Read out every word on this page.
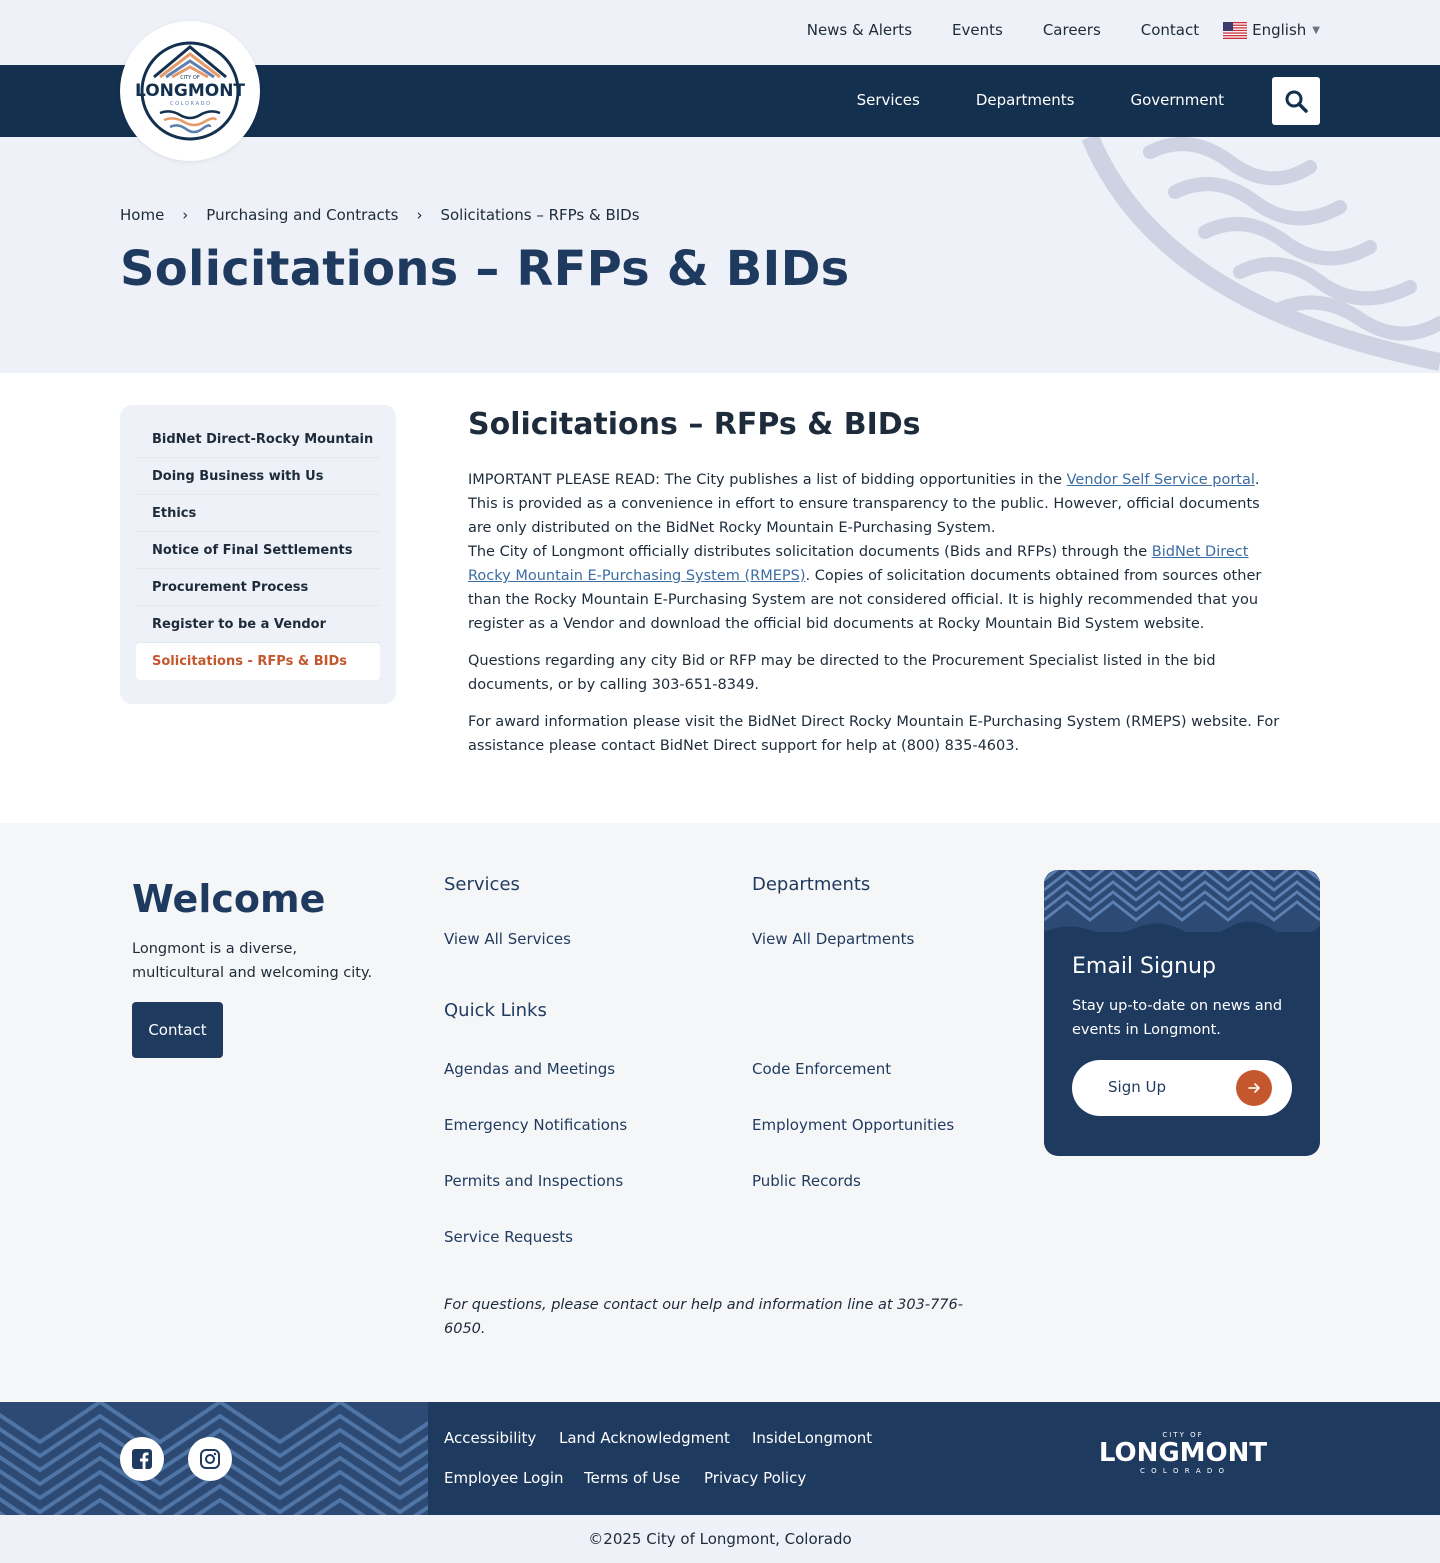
News & Alerts	Events	Careers	Contact	English ▼
Services	Departments	Government
CITY OF
LONGMONT
C O L O R A D O
Home › Purchasing and Contracts › Solicitations – RFPs & BIDs
Solicitations – RFPs & BIDs
BidNet Direct-Rocky Mountain
Doing Business with Us
Ethics
Notice of Final Settlements
Procurement Process
Register to be a Vendor
Solicitations - RFPs & BIDs
Solicitations – RFPs & BIDs

IMPORTANT PLEASE READ: The City publishes a list of bidding opportunities in the Vendor Self Service portal. This is provided as a convenience in effort to ensure transparency to the public. However, official documents are only distributed on the BidNet Rocky Mountain E-Purchasing System.

The City of Longmont officially distributes solicitation documents (Bids and RFPs) through the BidNet Direct Rocky Mountain E-Purchasing System (RMEPS). Copies of solicitation documents obtained from sources other than the Rocky Mountain E-Purchasing System are not considered official. It is highly recommended that you register as a Vendor and download the official bid documents at Rocky Mountain Bid System website.

Questions regarding any city Bid or RFP may be directed to the Procurement Specialist listed in the bid documents, or by calling 303-651-8349.

For award information please visit the BidNet Direct Rocky Mountain E-Purchasing System (RMEPS) website. For assistance please contact BidNet Direct support for help at (800) 835-4603.

Welcome

Longmont is a diverse, multicultural and welcoming city.

Contact
Services
View All Services
Departments
View All Departments
Quick Links
Agendas and Meetings	Code Enforcement
Emergency Notifications	Employment Opportunities
Permits and Inspections	Public Records
Service Requests

For questions, please contact our help and information line at 303-776-6050.

Email Signup

Stay up-to-date on news and events in Longmont.

Sign Up
Accessibility Land Acknowledgment InsideLongmont
Employee Login Terms of Use Privacy Policy
CITY OF
LONGMONT
C O L O R A D O
©2025 City of Longmont, Colorado
